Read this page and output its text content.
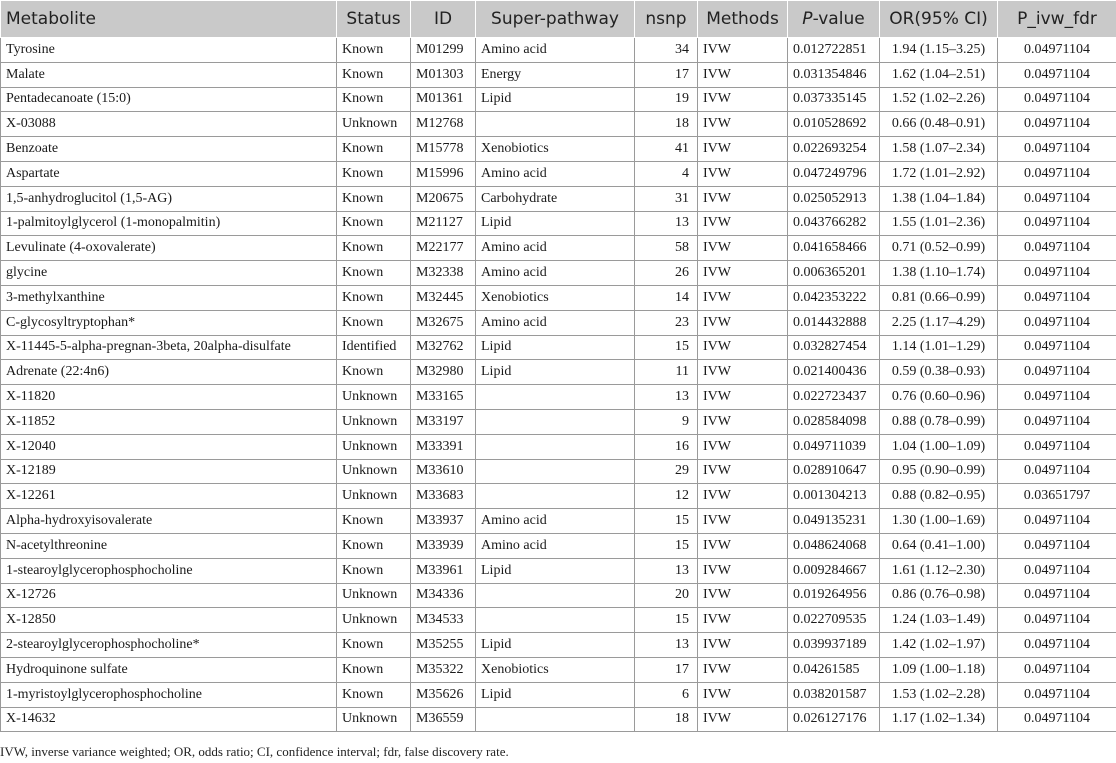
Metabolite	Status	ID	Super-pathway	nsnp	Methods	P-value	OR(95% CI)	P_ivw_fdr
Tyrosine	Known	M01299	Amino acid	34	IVW	0.012722851	1.94 (1.15–3.25)	0.04971104
Malate	Known	M01303	Energy	17	IVW	0.031354846	1.62 (1.04–2.51)	0.04971104
Pentadecanoate (15:0)	Known	M01361	Lipid	19	IVW	0.037335145	1.52 (1.02–2.26)	0.04971104
X-03088	Unknown	M12768		18	IVW	0.010528692	0.66 (0.48–0.91)	0.04971104
Benzoate	Known	M15778	Xenobiotics	41	IVW	0.022693254	1.58 (1.07–2.34)	0.04971104
Aspartate	Known	M15996	Amino acid	4	IVW	0.047249796	1.72 (1.01–2.92)	0.04971104
1,5-anhydroglucitol (1,5-AG)	Known	M20675	Carbohydrate	31	IVW	0.025052913	1.38 (1.04–1.84)	0.04971104
1-palmitoylglycerol (1-monopalmitin)	Known	M21127	Lipid	13	IVW	0.043766282	1.55 (1.01–2.36)	0.04971104
Levulinate (4-oxovalerate)	Known	M22177	Amino acid	58	IVW	0.041658466	0.71 (0.52–0.99)	0.04971104
glycine	Known	M32338	Amino acid	26	IVW	0.006365201	1.38 (1.10–1.74)	0.04971104
3-methylxanthine	Known	M32445	Xenobiotics	14	IVW	0.042353222	0.81 (0.66–0.99)	0.04971104
C-glycosyltryptophan*	Known	M32675	Amino acid	23	IVW	0.014432888	2.25 (1.17–4.29)	0.04971104
X-11445-5-alpha-pregnan-3beta, 20alpha-disulfate	Identified	M32762	Lipid	15	IVW	0.032827454	1.14 (1.01–1.29)	0.04971104
Adrenate (22:4n6)	Known	M32980	Lipid	11	IVW	0.021400436	0.59 (0.38–0.93)	0.04971104
X-11820	Unknown	M33165		13	IVW	0.022723437	0.76 (0.60–0.96)	0.04971104
X-11852	Unknown	M33197		9	IVW	0.028584098	0.88 (0.78–0.99)	0.04971104
X-12040	Unknown	M33391		16	IVW	0.049711039	1.04 (1.00–1.09)	0.04971104
X-12189	Unknown	M33610		29	IVW	0.028910647	0.95 (0.90–0.99)	0.04971104
X-12261	Unknown	M33683		12	IVW	0.001304213	0.88 (0.82–0.95)	0.03651797
Alpha-hydroxyisovalerate	Known	M33937	Amino acid	15	IVW	0.049135231	1.30 (1.00–1.69)	0.04971104
N-acetylthreonine	Known	M33939	Amino acid	15	IVW	0.048624068	0.64 (0.41–1.00)	0.04971104
1-stearoylglycerophosphocholine	Known	M33961	Lipid	13	IVW	0.009284667	1.61 (1.12–2.30)	0.04971104
X-12726	Unknown	M34336		20	IVW	0.019264956	0.86 (0.76–0.98)	0.04971104
X-12850	Unknown	M34533		15	IVW	0.022709535	1.24 (1.03–1.49)	0.04971104
2-stearoylglycerophosphocholine*	Known	M35255	Lipid	13	IVW	0.039937189	1.42 (1.02–1.97)	0.04971104
Hydroquinone sulfate	Known	M35322	Xenobiotics	17	IVW	0.04261585	1.09 (1.00–1.18)	0.04971104
1-myristoylglycerophosphocholine	Known	M35626	Lipid	6	IVW	0.038201587	1.53 (1.02–2.28)	0.04971104
X-14632	Unknown	M36559		18	IVW	0.026127176	1.17 (1.02–1.34)	0.04971104
IVW, inverse variance weighted; OR, odds ratio; CI, confidence interval; fdr, false discovery rate.
